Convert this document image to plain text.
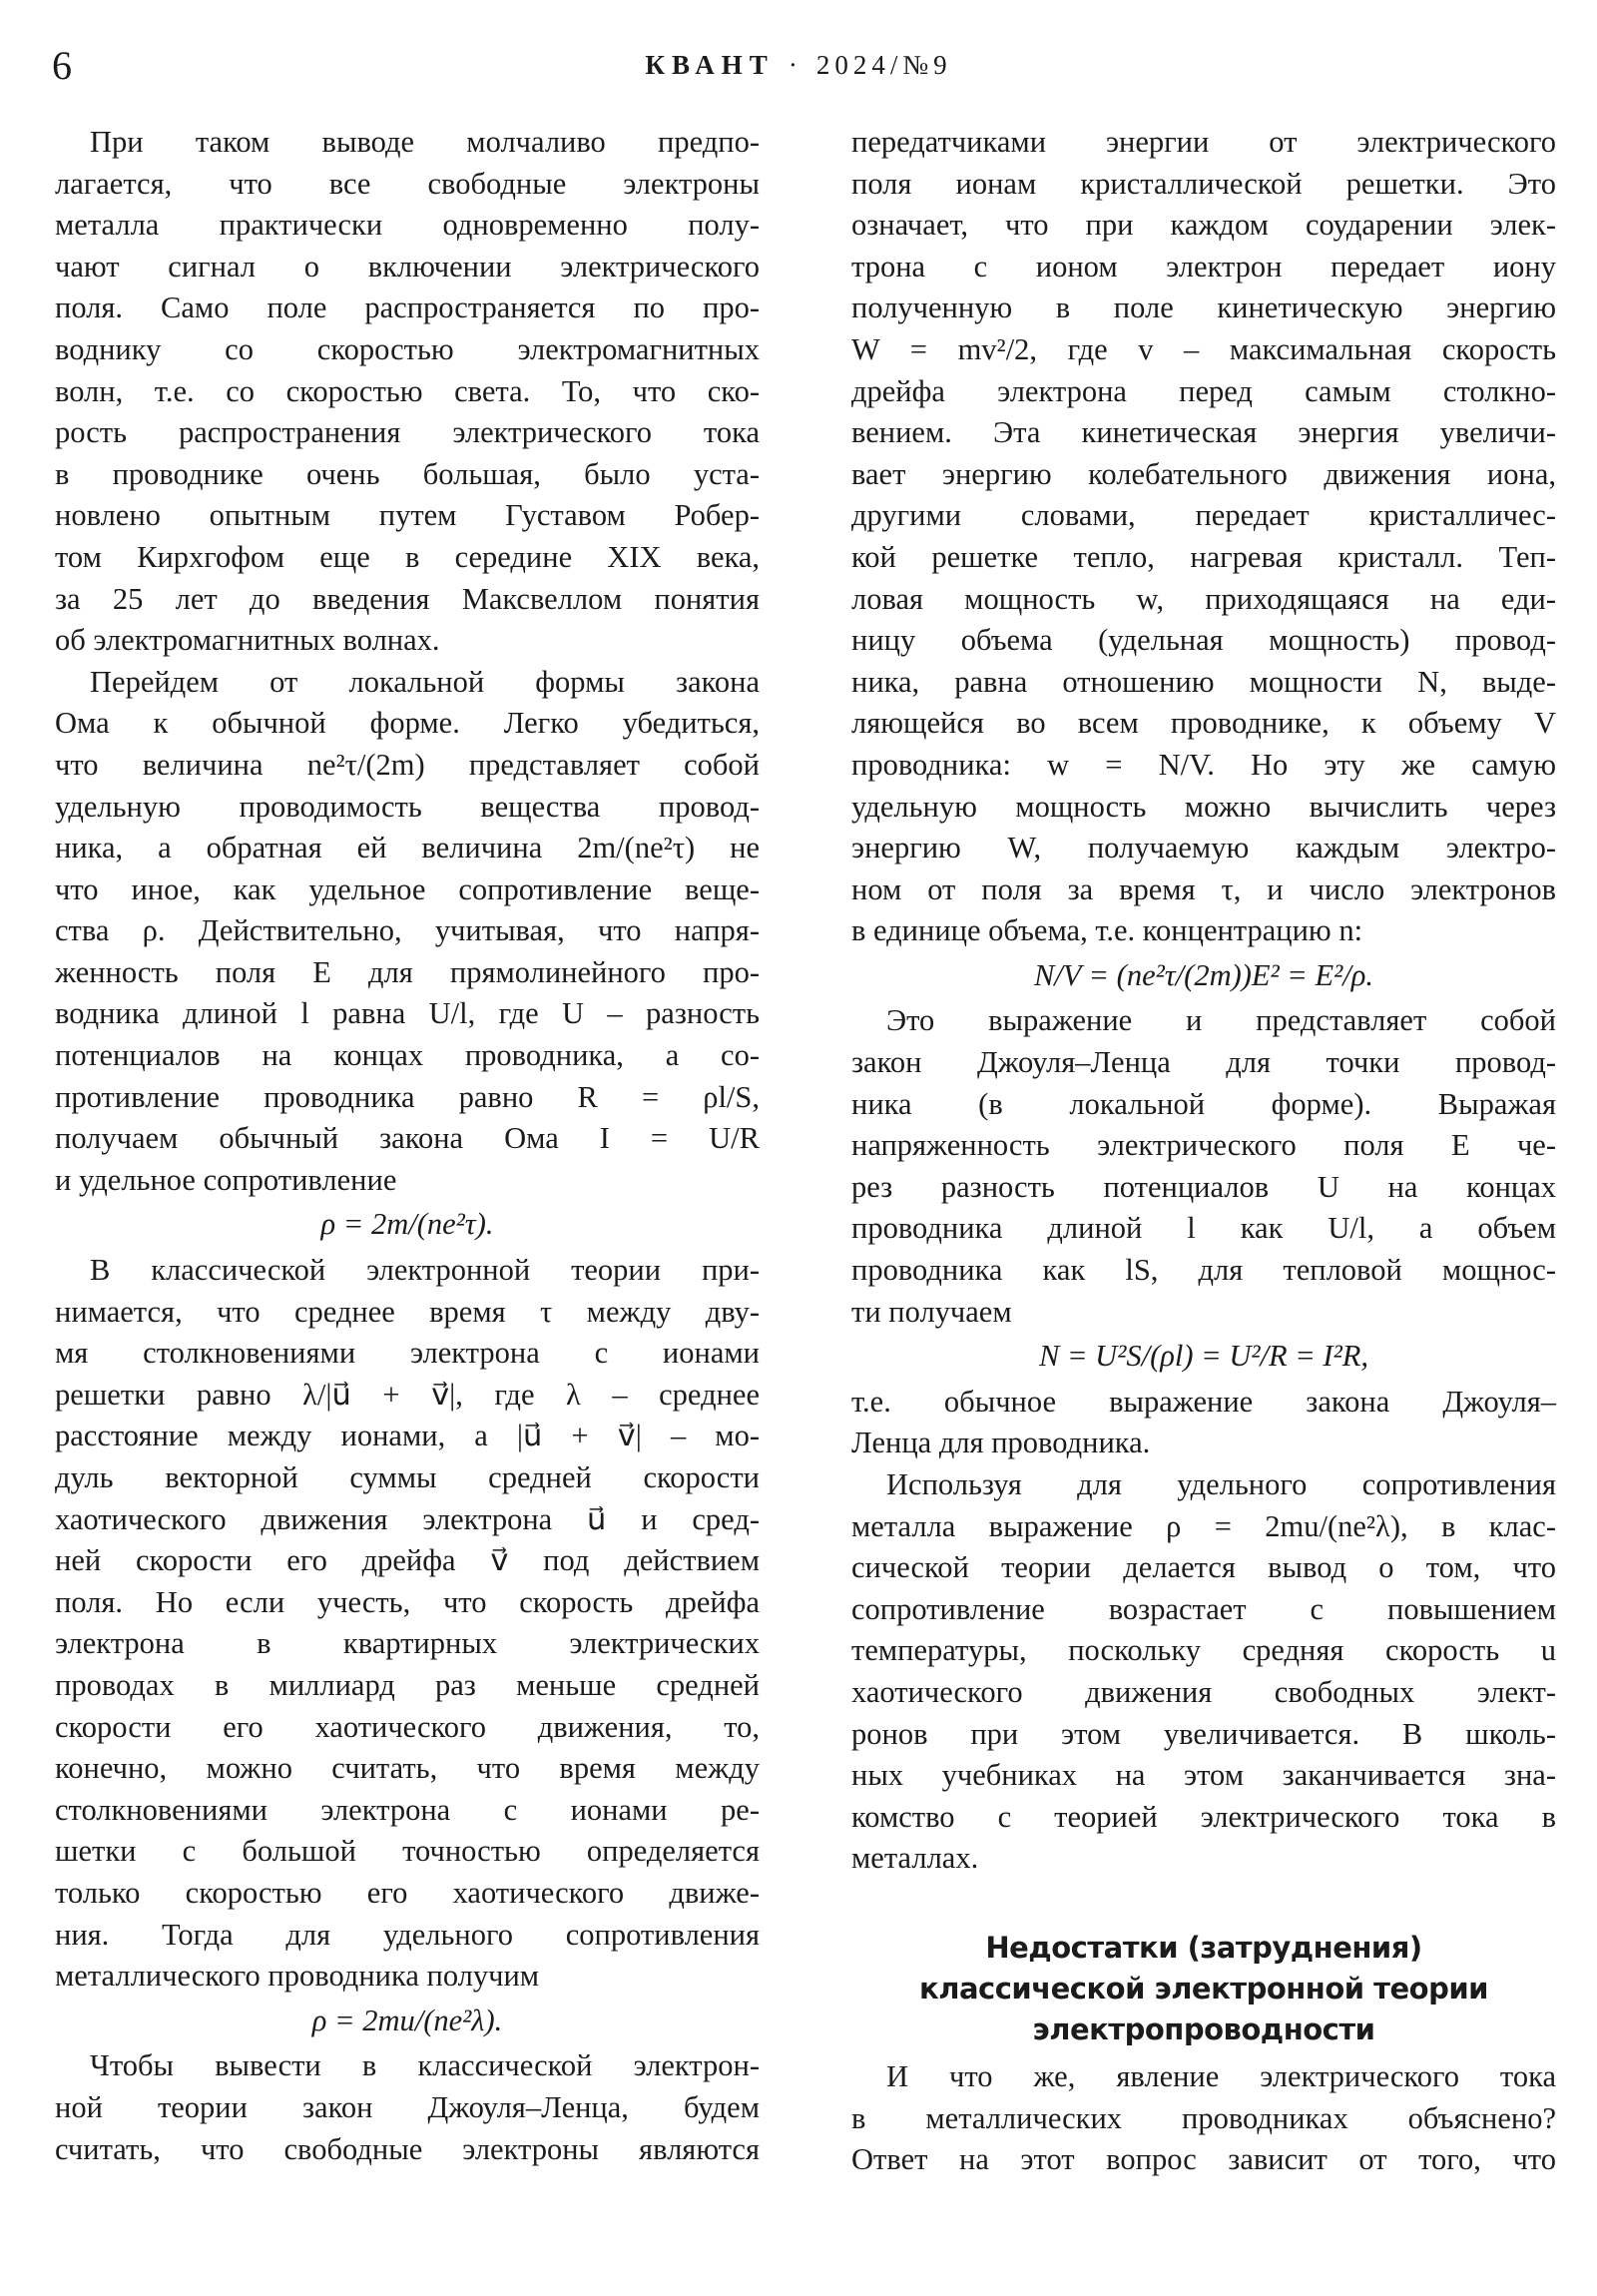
6	КВАНТ · 2024/№9
При таком выводе молчаливо предпо-
лагается, что все свободные электроны
металла практически одновременно полу-
чают сигнал о включении электрического
поля. Само поле распространяется по про-
воднику со скоростью электромагнитных
волн, т.е. со скоростью света. То, что ско-
рость распространения электрического тока
в проводнике очень большая, было уста-
новлено опытным путем Густавом Робер-
том Кирхгофом еще в середине XIX века,
за 25 лет до введения Максвеллом понятия
об электромагнитных волнах.
Перейдем от локальной формы закона
Ома к обычной форме. Легко убедиться,
что величина ne²τ/(2m) представляет собой
удельную проводимость вещества провод-
ника, а обратная ей величина 2m/(ne²τ) не
что иное, как удельное сопротивление веще-
ства ρ. Действительно, учитывая, что напря-
женность поля E для прямолинейного про-
водника длиной l равна U/l, где U – разность
потенциалов на концах проводника, а со-
противление проводника равно R = ρl/S,
получаем обычный закона Ома I = U/R
и удельное сопротивление
ρ = 2m/(ne²τ).
В классической электронной теории при-
нимается, что среднее время τ между дву-
мя столкновениями электрона с ионами
решетки равно λ/|u⃗ + v⃗|, где λ – среднее
расстояние между ионами, а |u⃗ + v⃗| – мо-
дуль векторной суммы средней скорости
хаотического движения электрона u⃗ и сред-
ней скорости его дрейфа v⃗ под действием
поля. Но если учесть, что скорость дрейфа
электрона в квартирных электрических
проводах в миллиард раз меньше средней
скорости его хаотического движения, то,
конечно, можно считать, что время между
столкновениями электрона с ионами ре-
шетки с большой точностью определяется
только скоростью его хаотического движе-
ния. Тогда для удельного сопротивления
металлического проводника получим
ρ = 2mu/(ne²λ).
Чтобы вывести в классической электрон-
ной теории закон Джоуля–Ленца, будем
считать, что свободные электроны являются
передатчиками энергии от электрического
поля ионам кристаллической решетки. Это
означает, что при каждом соударении элек-
трона с ионом электрон передает иону
полученную в поле кинетическую энергию
W = mv²/2, где v – максимальная скорость
дрейфа электрона перед самым столкно-
вением. Эта кинетическая энергия увеличи-
вает энергию колебательного движения иона,
другими словами, передает кристалличес-
кой решетке тепло, нагревая кристалл. Теп-
ловая мощность w, приходящаяся на еди-
ницу объема (удельная мощность) провод-
ника, равна отношению мощности N, выде-
ляющейся во всем проводнике, к объему V
проводника: w = N/V. Но эту же самую
удельную мощность можно вычислить через
энергию W, получаемую каждым электро-
ном от поля за время τ, и число электронов
в единице объема, т.е. концентрацию n:
N/V = (ne²τ/(2m))E² = E²/ρ.
Это выражение и представляет собой
закон Джоуля–Ленца для точки провод-
ника (в локальной форме). Выражая
напряженность электрического поля E че-
рез разность потенциалов U на концах
проводника длиной l как U/l, а объем
проводника как lS, для тепловой мощнос-
ти получаем
N = U²S/(ρl) = U²/R = I²R,
т.е. обычное выражение закона Джоуля–
Ленца для проводника.
Используя для удельного сопротивления
металла выражение ρ = 2mu/(ne²λ), в клас-
сической теории делается вывод о том, что
сопротивление возрастает с повышением
температуры, поскольку средняя скорость u
хаотического движения свободных элект-
ронов при этом увеличивается. В школь-
ных учебниках на этом заканчивается зна-
комство с теорией электрического тока в
металлах.
Недостатки (затруднения)
классической электронной теории
электропроводности
И что же, явление электрического тока
в металлических проводниках объяснено?
Ответ на этот вопрос зависит от того, что
